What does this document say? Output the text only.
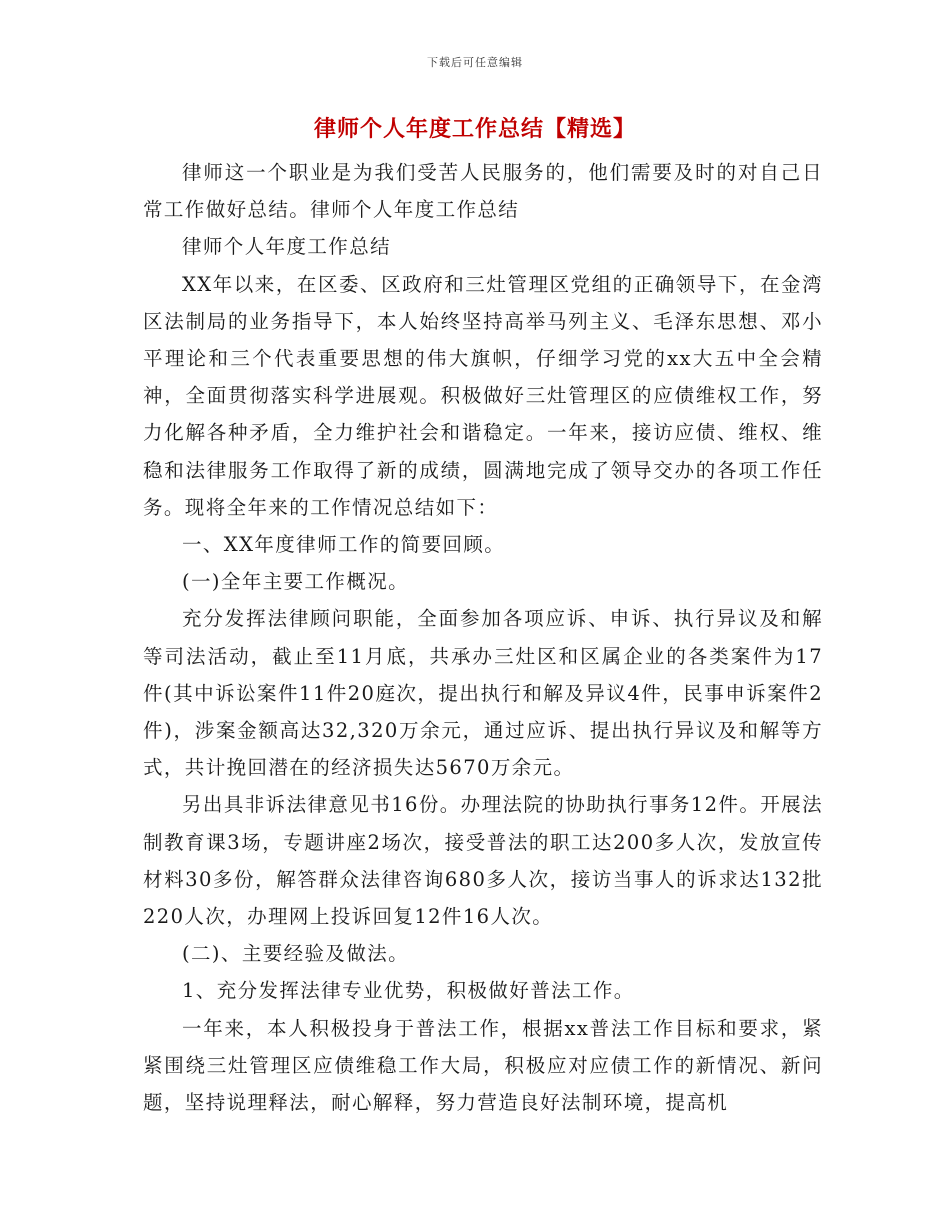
下载后可任意编辑
律师个人年度工作总结【精选】

律师这一个职业是为我们受苦人民服务的，他们需要及时的对自己日常工作做好总结。律师个人年度工作总结

律师个人年度工作总结

XX年以来，在区委、区政府和三灶管理区党组的正确领导下，在金湾区法制局的业务指导下，本人始终坚持高举马列主义、毛泽东思想、邓小平理论和三个代表重要思想的伟大旗帜，仔细学习党的xx大五中全会精神，全面贯彻落实科学进展观。积极做好三灶管理区的应债维权工作，努力化解各种矛盾，全力维护社会和谐稳定。一年来，接访应债、维权、维稳和法律服务工作取得了新的成绩，圆满地完成了领导交办的各项工作任务。现将全年来的工作情况总结如下：

一、XX年度律师工作的简要回顾。

(一)全年主要工作概况。

充分发挥法律顾问职能，全面参加各项应诉、申诉、执行异议及和解等司法活动，截止至11月底，共承办三灶区和区属企业的各类案件为17件(其中诉讼案件11件20庭次，提出执行和解及异议4件，民事申诉案件2件)，涉案金额高达32,320万余元，通过应诉、提出执行异议及和解等方式，共计挽回潜在的经济损失达5670万余元。

另出具非诉法律意见书16份。办理法院的协助执行事务12件。开展法制教育课3场，专题讲座2场次，接受普法的职工达200多人次，发放宣传材料30多份，解答群众法律咨询680多人次，接访当事人的诉求达132批220人次，办理网上投诉回复12件16人次。

(二)、主要经验及做法。

1、充分发挥法律专业优势，积极做好普法工作。

一年来，本人积极投身于普法工作，根据xx普法工作目标和要求，紧紧围绕三灶管理区应债维稳工作大局，积极应对应债工作的新情况、新问题，坚持说理释法，耐心解释，努力营造良好法制环境，提高机
